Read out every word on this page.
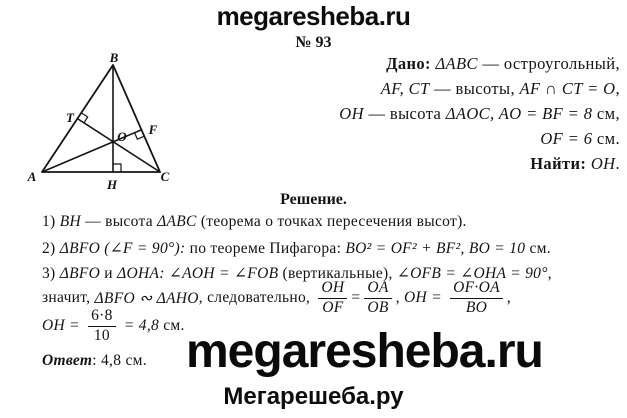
megaresheba.ru
№ 93
B
A	C
H
T
F
O
Дано: ΔABC — остроугольный,
AF, CT — высоты, AF ∩ CT = O,
OH — высота ΔAOC, AO = BF = 8 см,
OF = 6 см.
Найти: OH.
Решение.
1) BH — высота ΔABC (теорема о точках пересечения высот).
2) ΔBFO (∠F = 90°): по теореме Пифагора: BO² = OF² + BF², BO = 10 см.
3) ΔBFO и ΔOHA: ∠AOH = ∠FOB (вертикальные), ∠OFB = ∠OHA = 90°,
значит, ΔBFO ∾ ΔAHO , следовательно, $\frac{OH}{OF} = \frac{OA}{OB}$ , OH = $\frac{OF\cdot OA}{BO}$ ,
OH = $\frac{6\cdot 8}{10} = 4,8$ см.
Ответ: 4,8 см. megaresheba.ru
Мегарешеба.ру
